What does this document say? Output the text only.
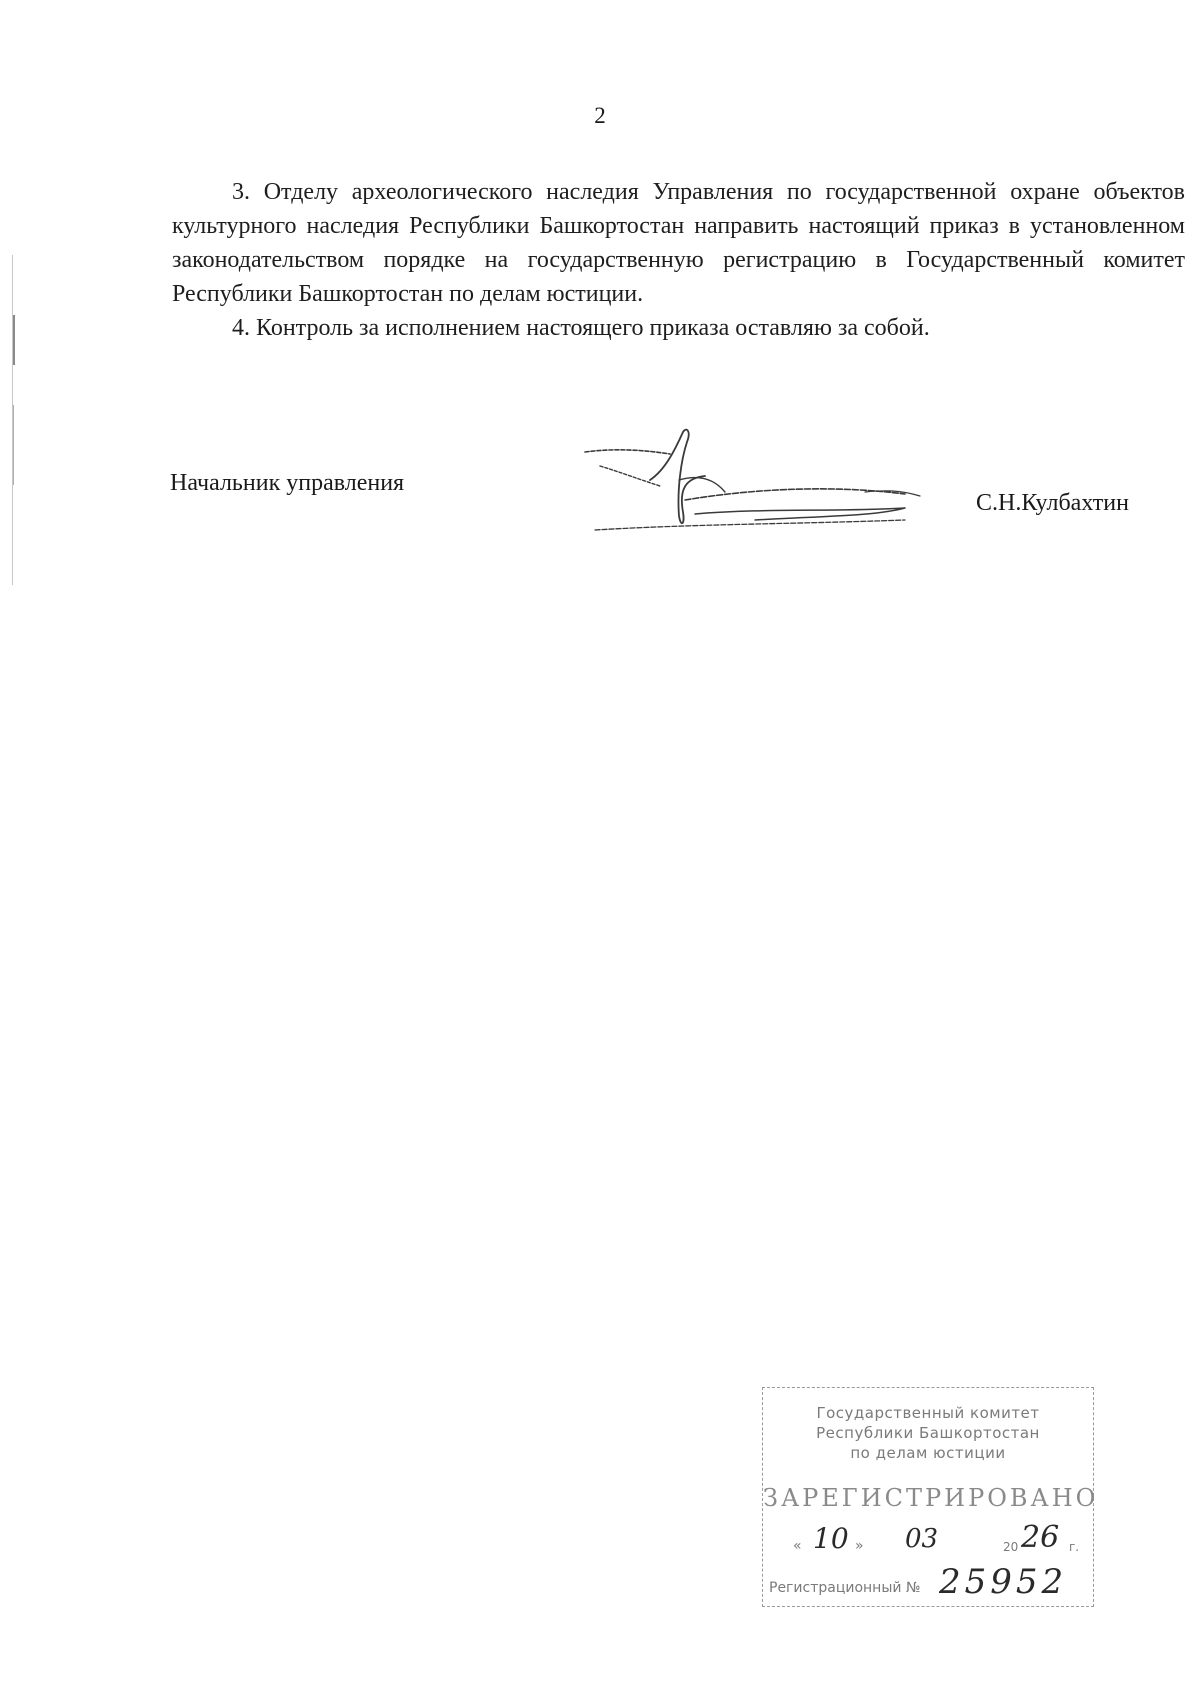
2

3. Отделу археологического наследия Управления по государственной охране объектов культурного наследия Республики Башкортостан направить настоящий приказ в установленном законодательством порядке на государственную регистрацию в Государственный комитет Республики Башкортостан по делам юстиции.

4. Контроль за исполнением настоящего приказа оставляю за собой.

Начальник управления
С.Н.Кулбахтин
Государственный комитет
Республики Башкортостан
по делам юстиции
ЗАРЕГИСТРИРОВАНО
« 10 » 03	20 26 г.
Регистрационный № 25952
